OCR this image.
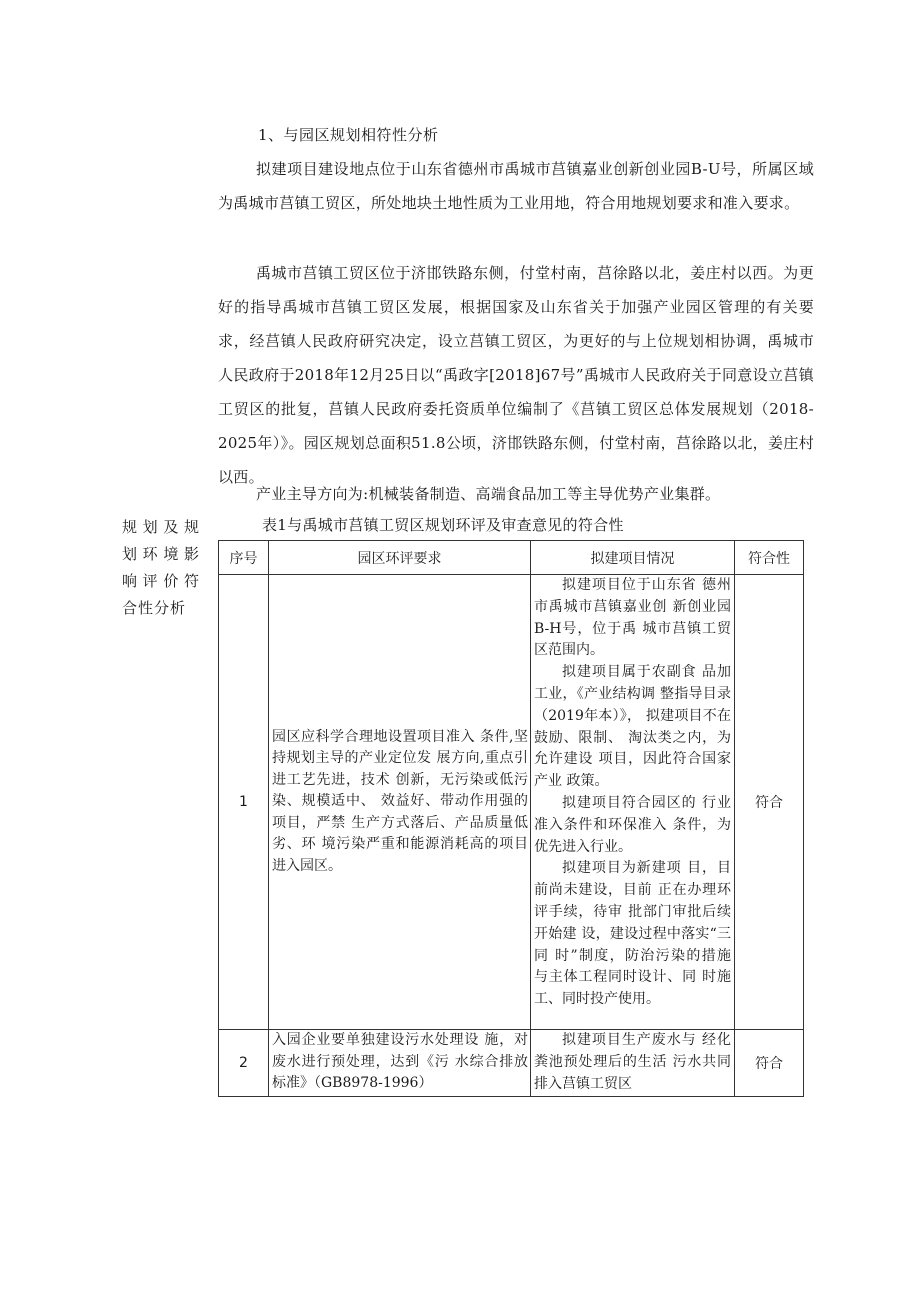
1、与园区规划相符性分析
拟建项目建设地点位于山东省德州市禹城市莒镇嘉业创新创业园B-U号，所属区域为禹城市莒镇工贸区，所处地块土地性质为工业用地，符合用地规划要求和准入要求。
禹城市莒镇工贸区位于济邯铁路东侧，付堂村南，莒徐路以北，姜庄村以西。为更好的指导禹城市莒镇工贸区发展，根据国家及山东省关于加强产业园区管理的有关要求，经莒镇人民政府研究决定，设立莒镇工贸区，为更好的与上位规划相协调，禹城市人民政府于2018年12月25日以“禹政字[2018]67号”禹城市人民政府关于同意设立莒镇工贸区的批复，莒镇人民政府委托资质单位编制了《莒镇工贸区总体发展规划（2018-2025年）》。园区规划总面积51.8公顷，济邯铁路东侧，付堂村南，莒徐路以北，姜庄村以西。
产业主导方向为:机械装备制造、高端食品加工等主导优势产业集群。
规划及规划环境影响评价符合性分析
表1与禹城市莒镇工贸区规划环评及审查意见的符合性
序号	园区环评要求	拟建项目情况	符合性
1	园区应科学合理地设置项目准入 条件,坚持规划主导的产业定位发 展方向,重点引进工艺先进，技术 创新，无污染或低污染、规模适中、 效益好、带动作用强的项目，严禁 生产方式落后、产品质量低劣、环 境污染严重和能源消耗高的项目 进入园区。	拟建项目位于山东省 德州市禹城市莒镇嘉业创 新创业园B-H号，位于禹 城市莒镇工贸区范围内。

拟建项目属于农副食 品加工业，《产业结构调 整指导目录（2019年本）》， 拟建项目不在鼓励、限制、 淘汰类之内，为允许建设 项目，因此符合国家产业 政策。

拟建项目符合园区的 行业准入条件和环保准入 条件，为优先进入行业。

拟建项目为新建项 目，目前尚未建设，目前 正在办理环评手续，待审 批部门审批后续开始建 设，建设过程中落实“三同 时”制度，防治污染的措施 与主体工程同时设计、同 时施工、同时投产使用。	符合
2	入园企业要单独建设污水处理设 施，对废水进行预处理，达到《污 水综合排放标准》（GB8978-1996）	拟建项目生产废水与 经化粪池预处理后的生活 污水共同排入莒镇工贸区	符合
